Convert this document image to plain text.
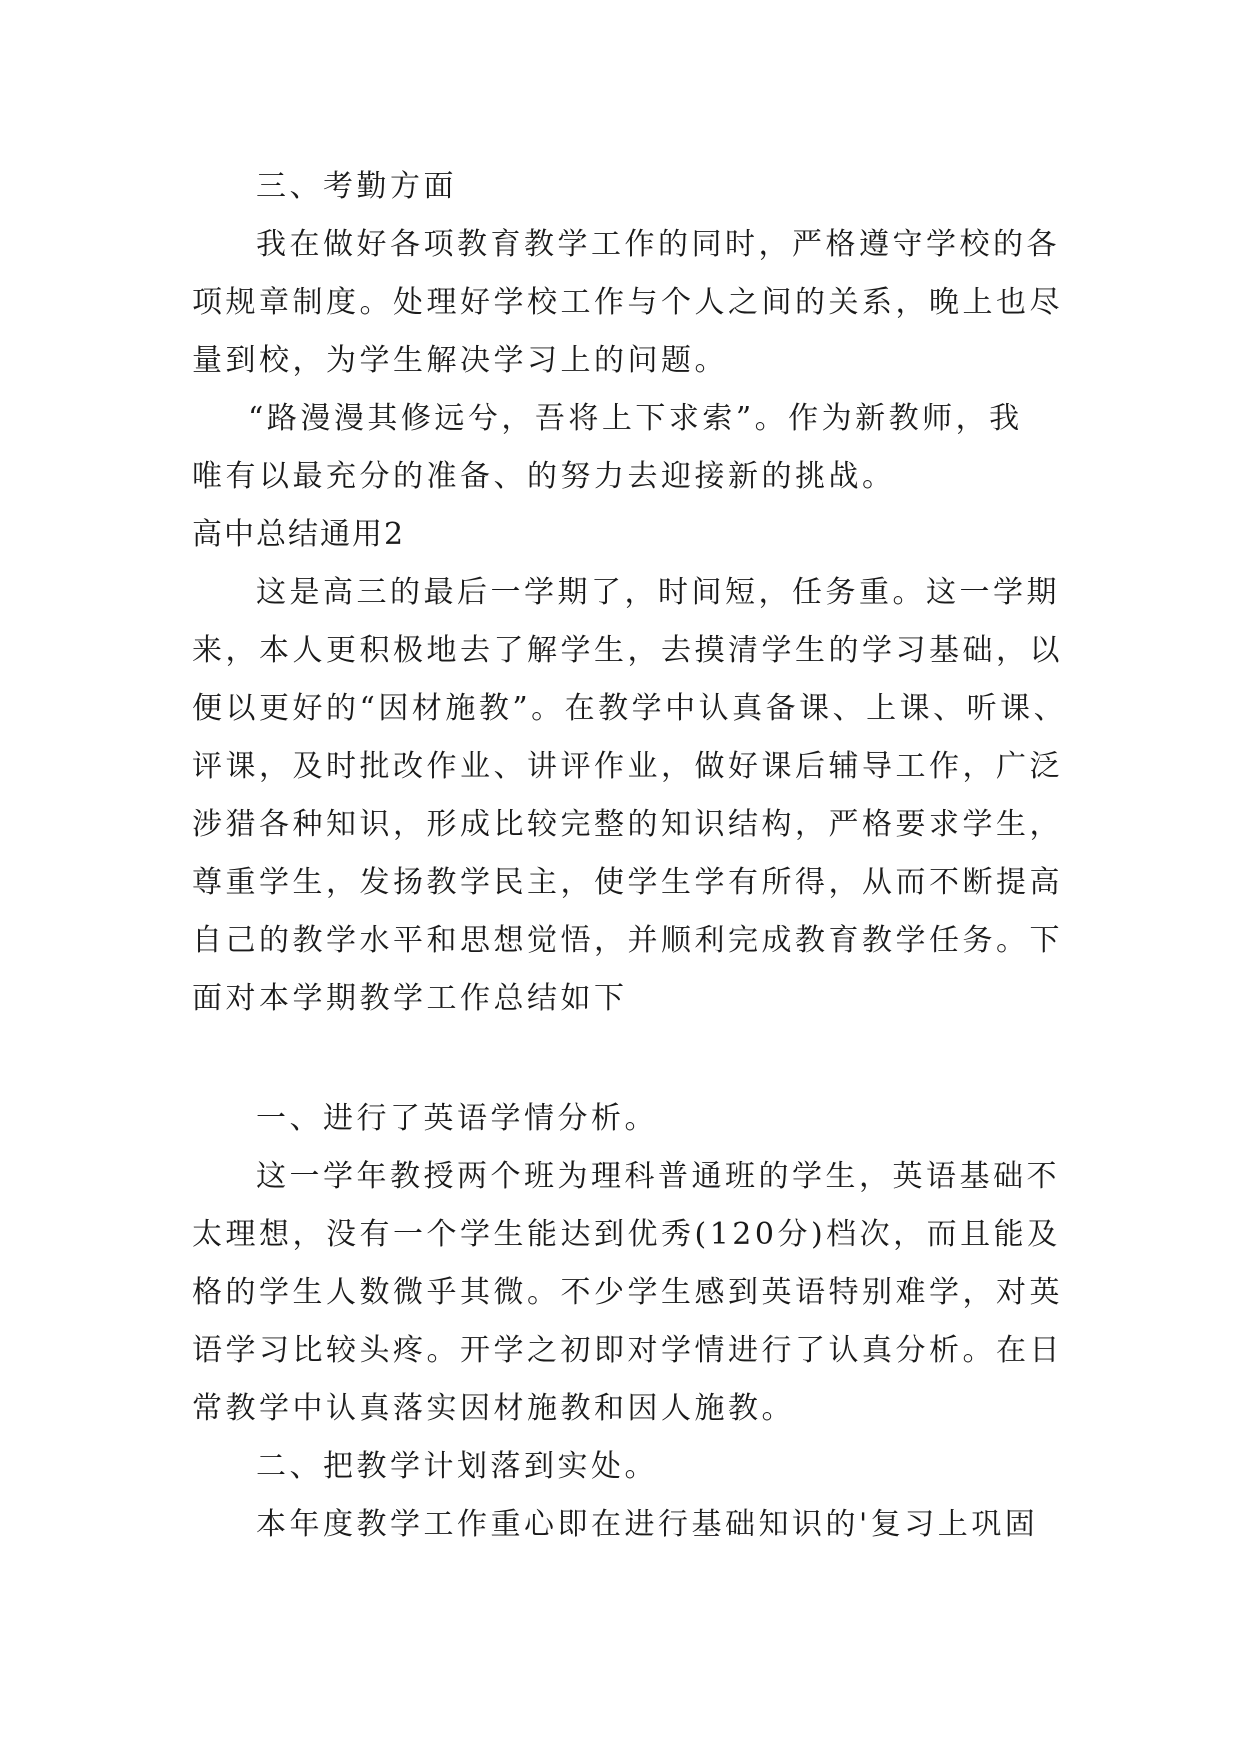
三、考勤方面
我在做好各项教育教学工作的同时，严格遵守学校的各
项规章制度。处理好学校工作与个人之间的关系，晚上也尽
量到校，为学生解决学习上的问题。
“路漫漫其修远兮，吾将上下求索”。作为新教师，我
唯有以最充分的准备、的努力去迎接新的挑战。
高中总结通用2
这是高三的最后一学期了，时间短，任务重。这一学期
来，本人更积极地去了解学生，去摸清学生的学习基础，以
便以更好的“因材施教”。在教学中认真备课、上课、听课、
评课，及时批改作业、讲评作业，做好课后辅导工作，广泛
涉猎各种知识，形成比较完整的知识结构，严格要求学生，
尊重学生，发扬教学民主，使学生学有所得，从而不断提高
自己的教学水平和思想觉悟，并顺利完成教育教学任务。下
面对本学期教学工作总结如下
一、进行了英语学情分析。
这一学年教授两个班为理科普通班的学生，英语基础不
太理想，没有一个学生能达到优秀(120分)档次，而且能及
格的学生人数微乎其微。不少学生感到英语特别难学，对英
语学习比较头疼。开学之初即对学情进行了认真分析。在日
常教学中认真落实因材施教和因人施教。
二、把教学计划落到实处。
本年度教学工作重心即在进行基础知识的'复习上巩固
